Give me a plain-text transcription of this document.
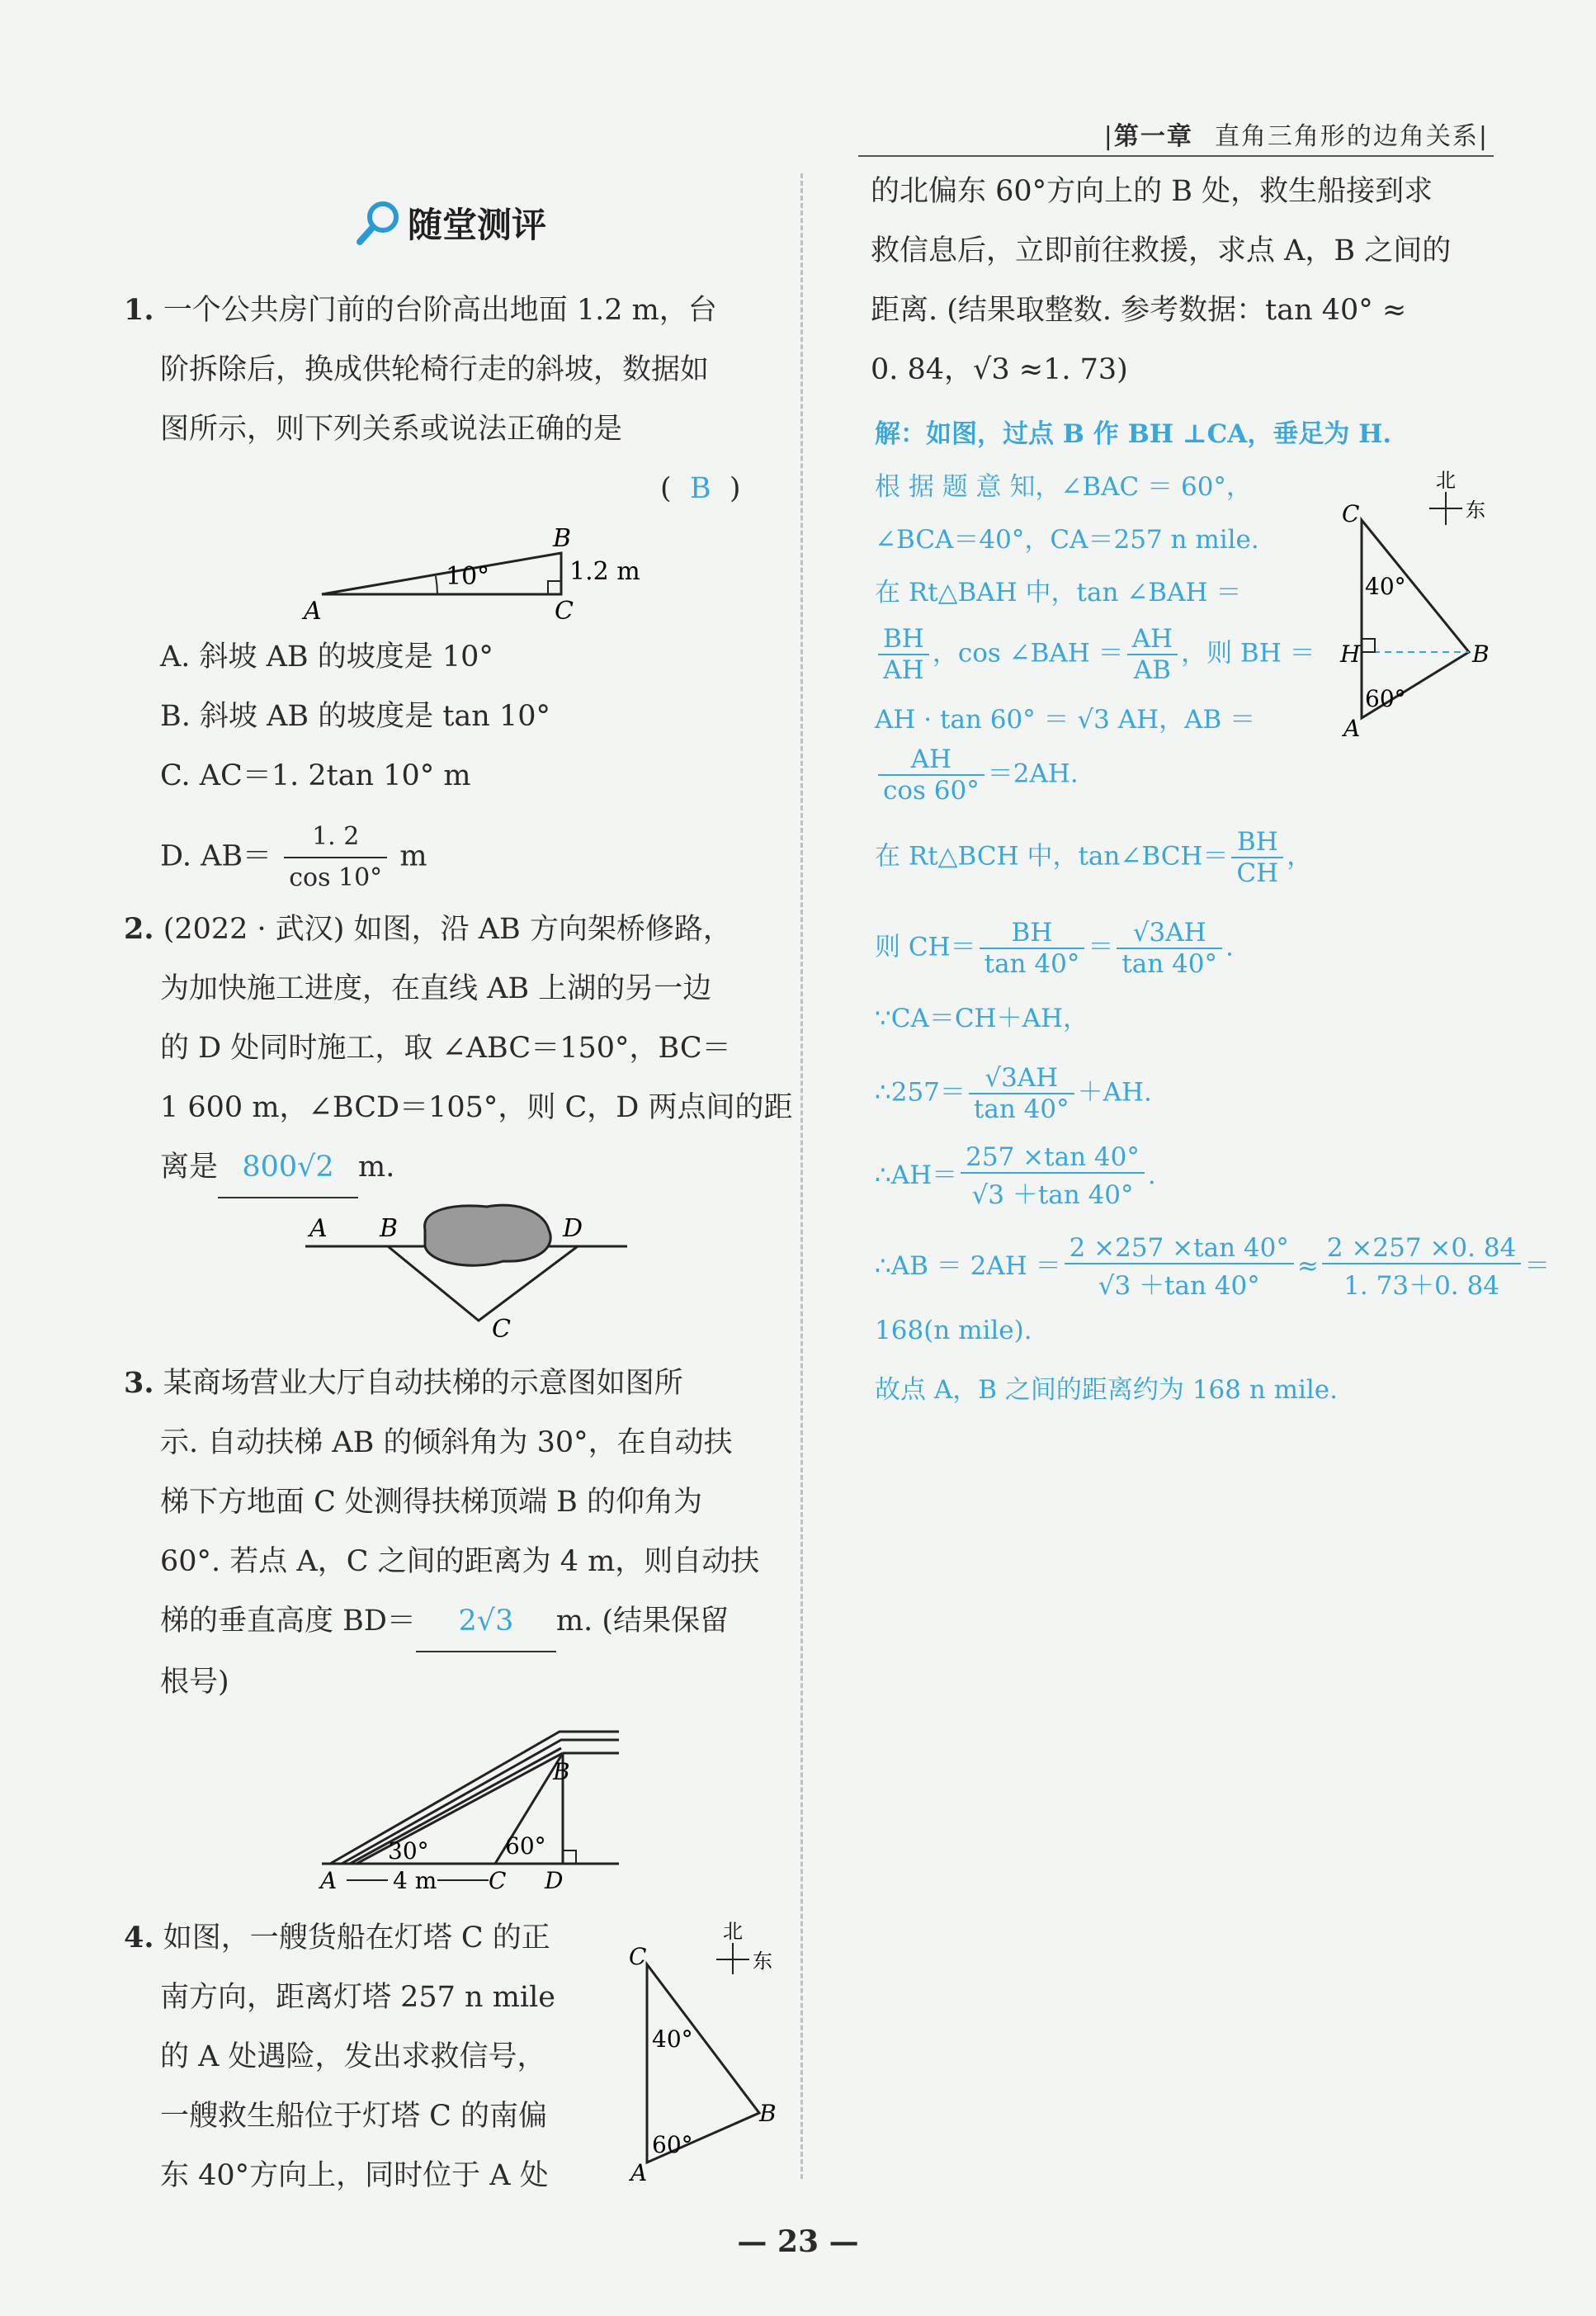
|第一章 直角三角形的边角关系|
随堂测评
1. 一个公共房门前的台阶高出地面 1.2 m，台
阶拆除后，换成供轮椅行走的斜坡，数据如
图所示，则下列关系或说法正确的是
(  B  )
10°
A	C
B
1.2 m
A. 斜坡 AB 的坡度是 10°
B. 斜坡 AB 的坡度是 tan 10°
C. AC＝1. 2tan 10° m
D. $AB= \frac{1. 2}{\cos 10^\circ}$ m
2. (2022 · 武汉) 如图，沿 AB 方向架桥修路，
为加快施工进度，在直线 AB 上湖的另一边
的 D 处同时施工，取 ∠ABC＝150°，BC＝
1 600 m，∠BCD＝105°，则 C，D 两点间的距
离是 800√2 m.
A B	D
C
3. 某商场营业大厅自动扶梯的示意图如图所
示. 自动扶梯 AB 的倾斜角为 30°，在自动扶
梯下方地面 C 处测得扶梯顶端 B 的仰角为
60°. 若点 A，C 之间的距离为 4 m，则自动扶
梯的垂直高度 BD＝ 2√3 m. (结果保留
根号)
30°	60°
A 4 m C D
B
4. 如图，一艘货船在灯塔 C 的正
南方向，距离灯塔 257 n mile
的 A 处遇险，发出求救信号，
一艘救生船位于灯塔 C 的南偏
东 40°方向上，同时位于 A 处
北
东
C
B
A
40°
60°
的北偏东 60°方向上的 B 处，救生船接到求
救信息后，立即前往救援，求点 A，B 之间的
距离. (结果取整数. 参考数据：tan 40° ≈
0. 84，√3 ≈1. 73)
解：如图，过点 B 作 BH ⊥CA，垂足为 H.
根 据 题 意 知，∠BAC ＝ 60°，
∠BCA＝40°，CA＝257 n mile.
在 Rt△BAH 中，tan ∠BAH ＝
$\frac{BH}{AH}$ ，cos ∠BAH ＝ $\frac{AH}{AB}$ ，则 BH ＝
AH · tan 60° ＝ √3 AH，AB ＝
$\frac{AH}{\cos 60^\circ} =2AH$.
在 Rt△BCH 中，tan∠BCH＝ $\frac{BH}{CH}$ ，
则 $CH= \frac{BH}{\tan 40^\circ} = \frac{√3AH}{\tan 40^\circ}$ .
∵CA＝CH＋AH，
∴257＝ $\frac{√3AH}{\tan 40^\circ} +AH$.
∴AH＝ $\frac{257 \times\tan 40^\circ}{√3 +\tan 40^\circ}$ .
∴AB ＝ $2AH = \frac{2 \times 257 \times\tan 40^\circ}{√3 +\tan 40^\circ} \approx \frac{2 \times 257 \times 0. 84}{1. 73+0. 84}$ ＝
168(n mile).
故点 A，B 之间的距离约为 168 n mile.
北
东
C
H	B
A
40°
60°
— 23 —
